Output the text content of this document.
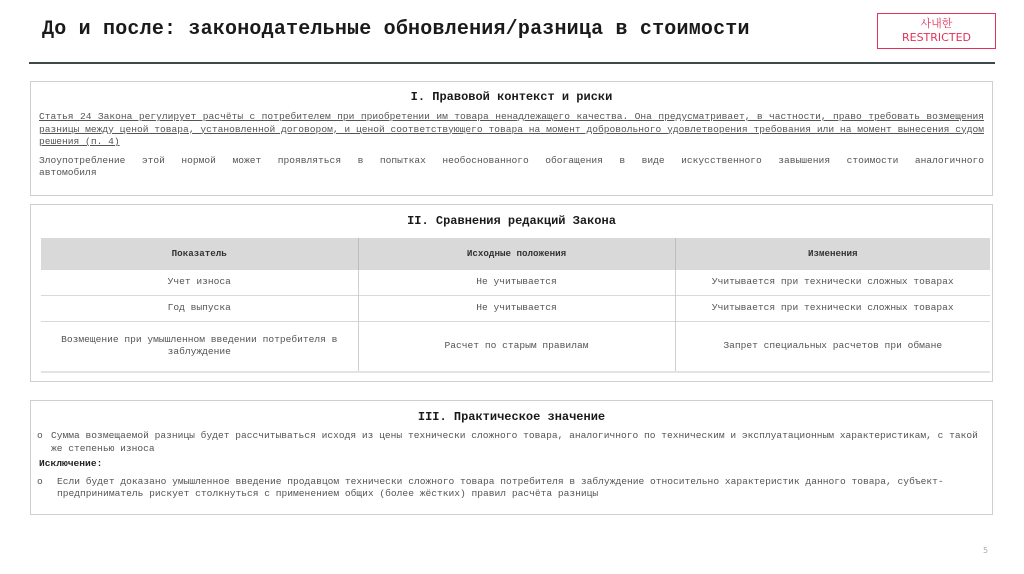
До и после: законодательные обновления/разница в стоимости	사내한
RESTRICTED
I. Правовой контекст и риски
Статья 24 Закона регулирует расчёты с потребителем при приобретении им товара ненадлежащего качества. Она предусматривает, в частности, право требовать возмещения разницы между ценой товара, установленной договором, и ценой соответствующего товара на момент добровольного удовлетворения требования или на момент вынесения судом решения (п. 4)
Злоупотребление этой нормой может проявляться в попытках необоснованного обогащения в виде искусственного завышения стоимости аналогичного автомобиля
II. Сравнения редакций Закона
Показатель	Исходные положения	Изменения
Учет износа	Не учитывается	Учитывается при технически сложных товарах
Год выпуска	Не учитывается	Учитывается при технически сложных товарах
Возмещение при умышленном введении потребителя в заблуждение	Расчет по старым правилам	Запрет специальных расчетов при обмане
III. Практическое значение
o Сумма возмещаемой разницы будет рассчитываться исходя из цены технически сложного товара, аналогичного по техническим и эксплуатационным характеристикам, с такой же степенью износа
Исключение:
o	Если будет доказано умышленное введение продавцом технически сложного товара потребителя в заблуждение относительно характеристик данного товара, субъект-предприниматель рискует столкнуться с применением общих (более жёстких) правил расчёта разницы
5
